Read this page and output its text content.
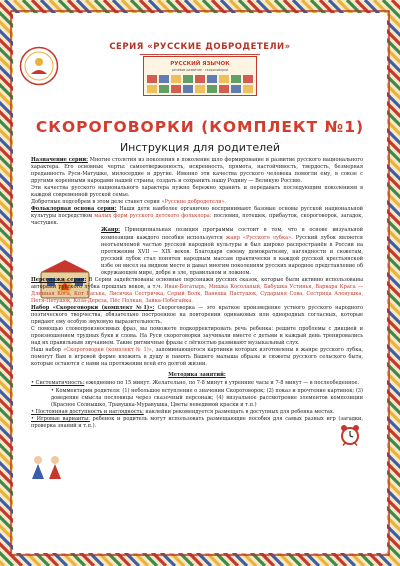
СЕРИЯ «РУССКИЕ ДОБРОДЕТЕЛИ»
РУССКИЙ ЯЗЫЧОК
речевое развитие · скороговорки
СКОРОГОВОРКИ (КОМПЛЕКТ №1)
Инструкция для родителей

Назначение серии: Многие столетия из поколения в поколение шло формирование и развитие русского национального характера. Его основные черты: самоотверженность, искренность, прямота, настойчивость, твердость, безмерная преданность Руси-Матушке, милосердие и другие. Именно эти качества русского человека помогли ему, в союзе с другими коренными народами нашей страны, создать и сохранить нашу Родину — Великую Россию.

Эти качества русского национального характера нужно бережно хранить и передавать последующим поколениям в каждой современной русской семье.

Добротные подсобрем в этом деле станет серия «Русские добродетели».

Фольклорная основа серии: Наши дети наиболее органично воспринимают базовые основы русской национальной культуры посредством малых форм русского детского фольклора: пословиц, потешек, прибауток, скороговорок, загадок, частушек.

Жанр: Принципиальная позиция программы состоит в том, что в основе визуальной композиции каждого пособия используется жанр «Русского лубка». Русский лубок является неотъемлемой частью русской народной культуры и был широко распространён в России на протяжении XVII — XIX веков. Благодаря своему демократизму, наглядности и сюжетам, русский лубок стал понятен народным массам практически в каждой русской крестьянской избе он висел на видном месте и давал многим поколениям русских народное представление об окружающем мире, добре и зле, правильном и ложном.

Персонажи серии: В Серии задействованы основные персонажи русских сказок, которые были активно использованы авторами русского лубка прошлых веков, а т.ч. Иван-Богатырь, Мишка Косолапый, Бабушка Устинья, Варвара Краса — Длинная Коса, Кот Васька, Лисичка Сестричка, Серый Волк, Ванюша Пастушок, Сударыня Сова, Сестрица Аленушка, Петя-Петушок, Коза-Дереза, Пёс Полкан, Зайка-Побегайка.

Набор «Скороговорки (комплект №1)»: Скороговорка — это краткое произведение устного русского народного поэтического творчества, обязательно построенное на повторении одинаковых или однородных согласных, которые придают ему особую звуковую выразительность.

С помощью словопроизносимых фраз, вы поможете подкорректировать речь ребенка: решите проблемы с дикцией и произношением трудных букв и слова. На Руси скороговорки заучивали вместе с детьми и каждый день тренировались над их правильным звучанием. Такие ритмичные фразы с лёгкостью развивают музыкальный слух.

Наш набор «Скороговорки (комплект № 1)», запоминающегося картинки которых изготовлены в жанре русского лубка, помогут Вам в игровой форме вложить в душу и память Вашего малыша образы и сюжеты русского сельского быта, которые остаются с нами на протяжении всей его долгой жизни.

Методика занятий:

• Систематичность: ежедневно по 15 минут. Желательно, по 7-8 минут в утренние часы и 7-8 минут — в послеобеденное.

• Комментарии родителя: (1) небольшое вступление о значении Скороговорок; (2) показ и прочтение картинок; (3) доведение смысла пословицы через сказочный персонаж; (4) визуальное рассмотрение элементов композиции (Красное Солнышко, Травушка-Муравушка, Цветы неведимой краски и т.п.)

• Постоянная доступность и наглядность: наклейки рекомендуется размещать в доступных для ребенка местах.

• Игровые варианты: ребенок и родитель могут использовать размещающие пособия для самых разных игр (загадки, проверка знаний и т.п.).
